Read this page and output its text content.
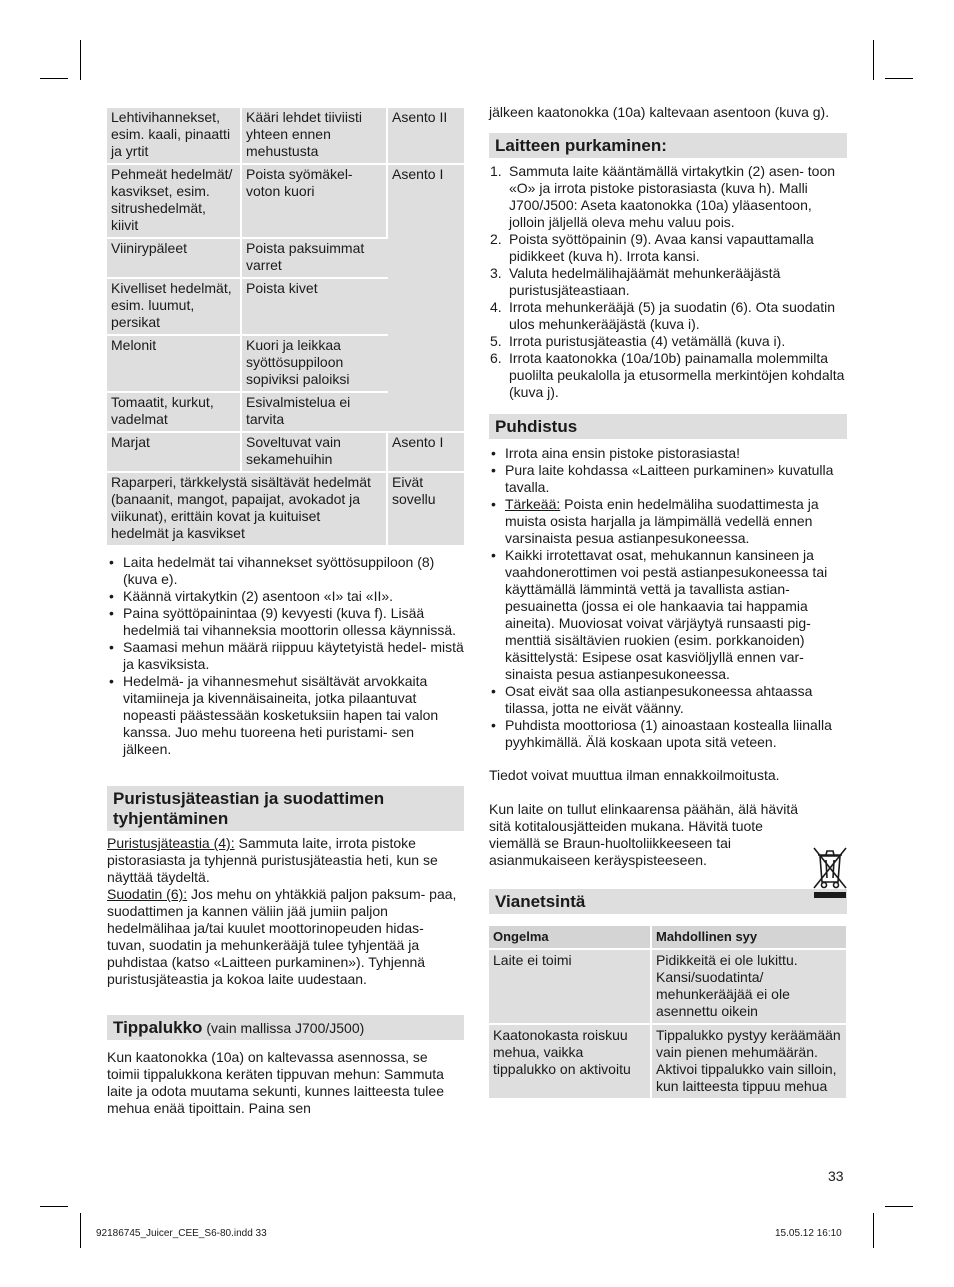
Lehtivihannekset, esim. kaali, pinaatti ja yrtit	Kääri lehdet tiiviisti yhteen ennen mehustusta	Asento II
Pehmeät hedelmät/ kasvikset, esim. sitrushedelmät, kiivit	Poista syömäkel- voton kuori	Asento I
Viinirypäleet	Poista paksuimmat varret	
Kivelliset hedelmät, esim. luumut, persikat	Poista kivet	
Melonit	Kuori ja leikkaa syöttösuppiloon sopiviksi paloiksi	
Tomaatit, kurkut, vadelmat	Esivalmistelua ei tarvita	
Marjat	Soveltuvat vain sekamehuihin	Asento I
Raparperi, tärkkelystä sisältävät hedelmät (banaanit, mangot, papaijat, avokadot ja viikunat), erittäin kovat ja kuituiset hedelmät ja kasvikset		Eivät sovellu
• Laita hedelmät tai vihannekset syöttösuppiloon (8) (kuva e).
• Käännä virtakytkin (2) asentoon «I» tai «II».
• Paina syöttöpainintaa (9) kevyesti (kuva f). Lisää hedelmiä tai vihanneksia moottorin ollessa käynnissä.
• Saamasi mehun määrä riippuu käytetyistä hedel- mistä ja kasviksista.
• Hedelmä- ja vihannesmehut sisältävät arvokkaita vitamiineja ja kivennäisaineita, jotka pilaantuvat nopeasti päästessään kosketuksiin hapen tai valon kanssa. Juo mehu tuoreena heti puristami- sen jälkeen.
Puristusjäteastian ja suodattimen tyhjentäminen
Puristusjäteastia (4): Sammuta laite, irrota pistoke pistorasiasta ja tyhjennä puristusjäteastia heti, kun se näyttää täydeltä.
Suodatin (6): Jos mehu on yhtäkkiä paljon paksum- paa, suodattimen ja kannen väliin jää jumiin paljon hedelmälihaa ja/tai kuulet moottorinopeuden hidas- tuvan, suodatin ja mehunkerääjä tulee tyhjentää ja puhdistaa (katso «Laitteen purkaminen»). Tyhjennä puristusjäteastia ja kokoa laite uudestaan.
Tippalukko (vain mallissa J700/J500)
Kun kaatonokka (10a) on kaltevassa asennossa, se toimii tippalukkona keräten tippuvan mehun: Sammuta laite ja odota muutama sekunti, kunnes laitteesta tulee mehua enää tipoittain. Paina sen
jälkeen kaatonokka (10a) kaltevaan asentoon (kuva g).
Laitteen purkaminen:
1. Sammuta laite kääntämällä virtakytkin (2) asen- toon «O» ja irrota pistoke pistorasiasta (kuva h). Malli J700/J500: Aseta kaatonokka (10a) yläasentoon, jolloin jäljellä oleva mehu valuu pois.
2. Poista syöttöpainin (9). Avaa kansi vapauttamalla pidikkeet (kuva h). Irrota kansi.
3. Valuta hedelmälihajäämät mehunkerääjästä puristusjäteastiaan.
4. Irrota mehunkerääjä (5) ja suodatin (6). Ota suodatin ulos mehunkerääjästä (kuva i).
5. Irrota puristusjäteastia (4) vetämällä (kuva i).
6. Irrota kaatonokka (10a/10b) painamalla molemmilta puolilta peukalolla ja etusormella merkintöjen kohdalta (kuva j).
Puhdistus
• Irrota aina ensin pistoke pistorasiasta!
• Pura laite kohdassa «Laitteen purkaminen» kuvatulla tavalla.
• Tärkeää: Poista enin hedelmäliha suodattimesta ja muista osista harjalla ja lämpimällä vedellä ennen varsinaista pesua astianpesukoneessa.
• Kaikki irrotettavat osat, mehukannun kansineen ja vaahdonerottimen voi pestä astianpesukoneessa tai käyttämällä lämmintä vettä ja tavallista astian- pesuainetta (jossa ei ole hankaavia tai happamia aineita). Muoviosat voivat värjäytyä runsaasti pig- menttiä sisältävien ruokien (esim. porkkanoiden) käsittelystä: Esipese osat kasviöljyllä ennen var- sinaista pesua astianpesukoneessa.
• Osat eivät saa olla astianpesukoneessa ahtaassa tilassa, jotta ne eivät väänny.
• Puhdista moottoriosa (1) ainoastaan kostealla liinalla pyyhkimällä. Älä koskaan upota sitä veteen.
Tiedot voivat muuttua ilman ennakkoilmoitusta.
Kun laite on tullut elinkaarensa päähän, älä hävitä sitä kotitalousjätteiden mukana. Hävitä tuote viemällä se Braun-huoltoliikkeeseen tai asianmukaiseen keräyspisteeseen.
Vianetsintä
Ongelma	Mahdollinen syy
Laite ei toimi	Pidikkeitä ei ole lukittu. Kansi/suodatinta/ mehunkerääjää ei ole asennettu oikein
Kaatonokasta roiskuu mehua, vaikka tippalukko on aktivoitu	Tippalukko pystyy keräämään vain pienen mehumäärän. Aktivoi tippalukko vain silloin, kun laitteesta tippuu mehua
33
92186745_Juicer_CEE_S6-80.indd 33	15.05.12 16:10
